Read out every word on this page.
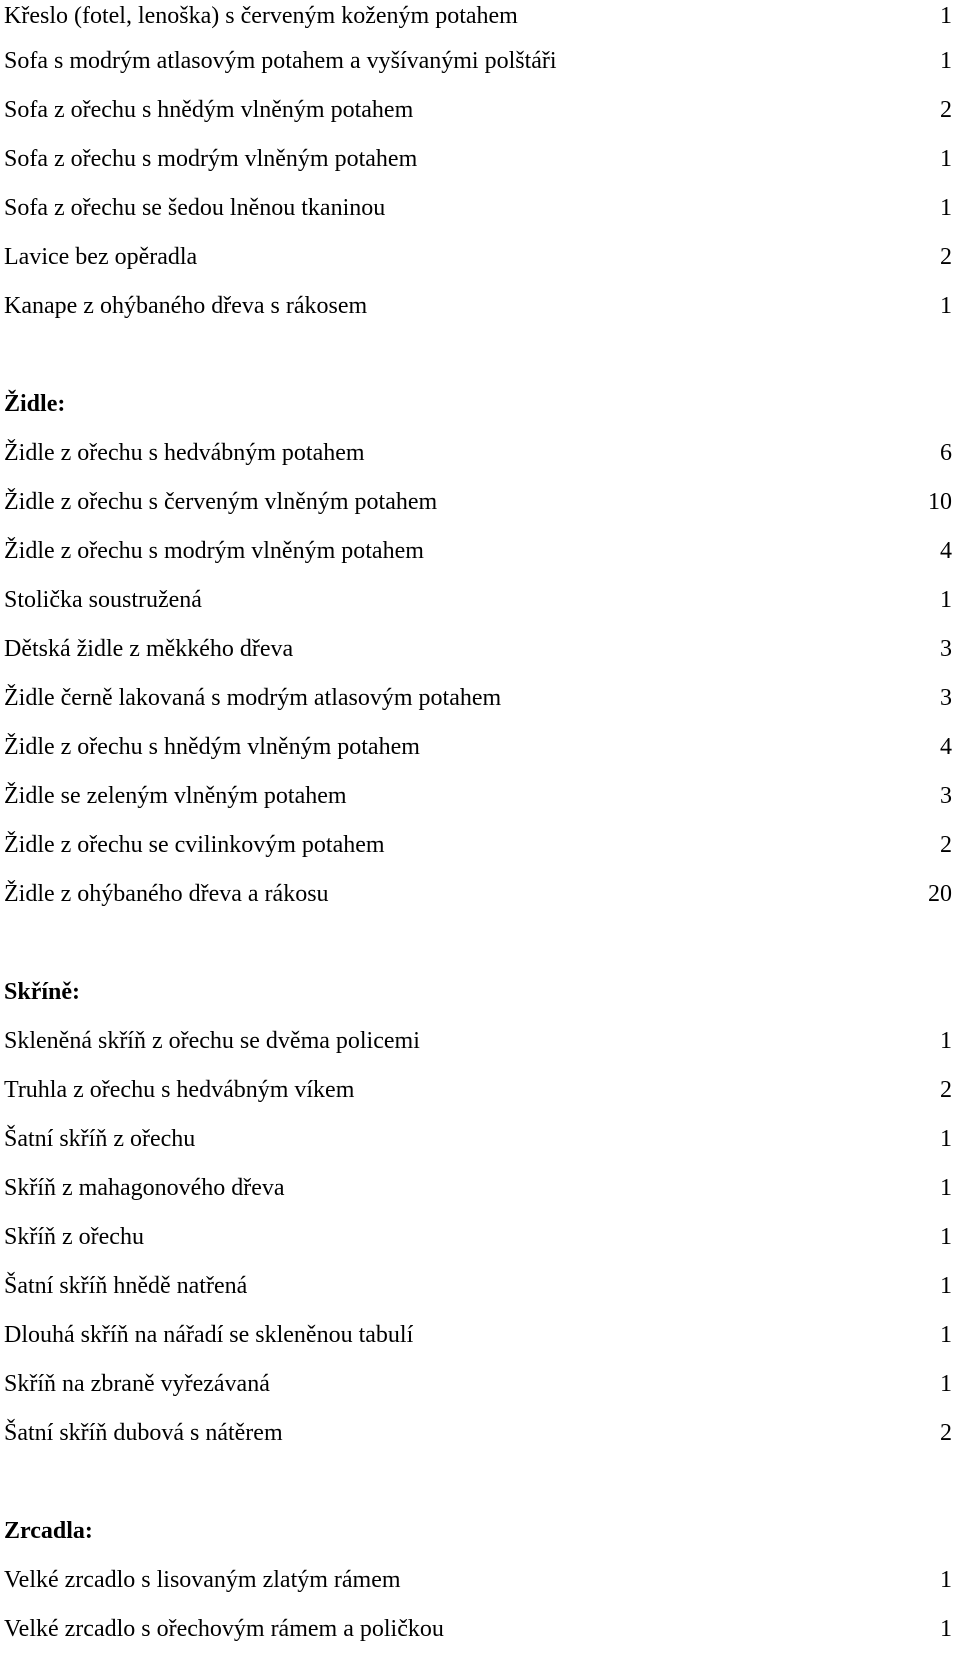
Křeslo (fotel, lenoška) s červeným koženým potahem	1
Sofa s modrým atlasovým potahem a vyšívanými polštáři	1
Sofa z ořechu s hnědým vlněným potahem	2
Sofa z ořechu s modrým vlněným potahem	1
Sofa z ořechu se šedou lněnou tkaninou	1
Lavice bez opěradla	2
Kanape z ohýbaného dřeva s rákosem	1
Židle:
Židle z ořechu s hedvábným potahem	6
Židle z ořechu s červeným vlněným potahem	10
Židle z ořechu s modrým vlněným potahem	4
Stolička soustružená	1
Dětská židle z měkkého dřeva	3
Židle černě lakovaná s modrým atlasovým potahem	3
Židle z ořechu s hnědým vlněným potahem	4
Židle se zeleným vlněným potahem	3
Židle z ořechu se cvilinkovým potahem	2
Židle z ohýbaného dřeva a rákosu	20
Skříně:
Skleněná skříň z ořechu se dvěma policemi	1
Truhla z ořechu s hedvábným víkem	2
Šatní skříň z ořechu	1
Skříň z mahagonového dřeva	1
Skříň z ořechu	1
Šatní skříň hnědě natřená	1
Dlouhá skříň na nářadí se skleněnou tabulí	1
Skříň na zbraně vyřezávaná	1
Šatní skříň dubová s nátěrem	2
Zrcadla:
Velké zrcadlo s lisovaným zlatým rámem	1
Velké zrcadlo s ořechovým rámem a poličkou	1
